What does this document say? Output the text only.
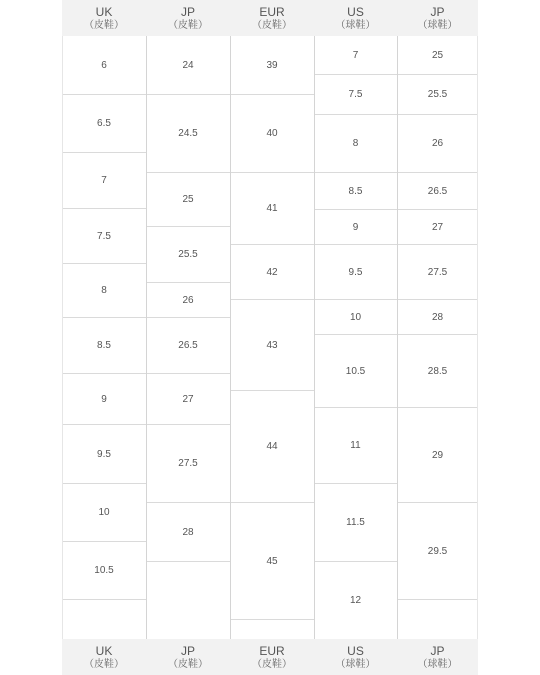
UK
（皮鞋）
JP
（皮鞋）
EUR
（皮鞋）
US
（球鞋）
JP
（球鞋）
6
6.5
7
7.5
8
8.5
9
9.5
10
10.5
24
24.5
25
25.5
26
26.5
27
27.5
28
39
40
41
42
43
44
45
7
7.5
8
8.5
9
9.5
10
10.5
11
11.5
12
25
25.5
26
26.5
27
27.5
28
28.5
29
29.5
UK
（皮鞋）
JP
（皮鞋）
EUR
（皮鞋）
US
（球鞋）
JP
（球鞋）
